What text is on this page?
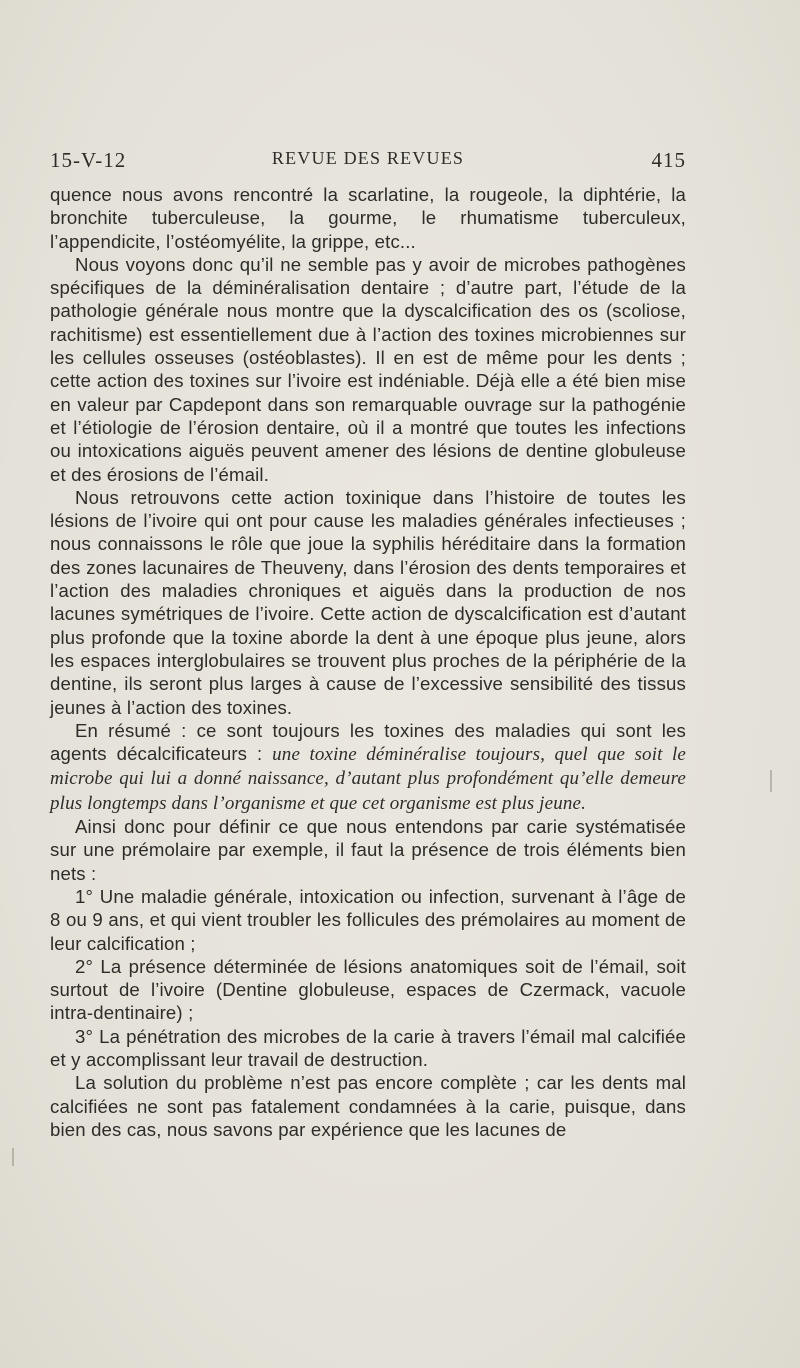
15-V-12	REVUE DES REVUES	415

quence nous avons rencontré la scarlatine, la rougeole, la diphtérie, la bronchite tuberculeuse, la gourme, le rhumatisme tuberculeux, l’appendicite, l’ostéomyélite, la grippe, etc...

Nous voyons donc qu’il ne semble pas y avoir de microbes pathogènes spécifiques de la déminéralisation dentaire ; d’autre part, l’étude de la pathologie générale nous montre que la dyscalcification des os (scoliose, rachitisme) est essentiellement due à l’action des toxines microbiennes sur les cellules osseuses (ostéoblastes). Il en est de même pour les dents ; cette action des toxines sur l’ivoire est indéniable. Déjà elle a été bien mise en valeur par Capdepont dans son remarquable ouvrage sur la pathogénie et l’étiologie de l’érosion dentaire, où il a montré que toutes les infections ou intoxications aiguës peuvent amener des lésions de dentine globuleuse et des érosions de l’émail.

Nous retrouvons cette action toxinique dans l’histoire de toutes les lésions de l’ivoire qui ont pour cause les maladies générales infectieuses ; nous connaissons le rôle que joue la syphilis héréditaire dans la formation des zones lacunaires de Theuveny, dans l’érosion des dents temporaires et l’action des maladies chroniques et aiguës dans la production de nos lacunes symétriques de l’ivoire. Cette action de dyscalcification est d’autant plus profonde que la toxine aborde la dent à une époque plus jeune, alors les espaces interglobulaires se trouvent plus proches de la périphérie de la dentine, ils seront plus larges à cause de l’excessive sensibilité des tissus jeunes à l’action des toxines.

En résumé : ce sont toujours les toxines des maladies qui sont les agents décalcificateurs : une toxine déminéralise toujours, quel que soit le microbe qui lui a donné naissance, d’autant plus profondément qu’elle demeure plus longtemps dans l’organisme et que cet organisme est plus jeune.

Ainsi donc pour définir ce que nous entendons par carie systématisée sur une prémolaire par exemple, il faut la présence de trois éléments bien nets :

1° Une maladie générale, intoxication ou infection, survenant à l’âge de 8 ou 9 ans, et qui vient troubler les follicules des prémolaires au moment de leur calcification ;

2° La présence déterminée de lésions anatomiques soit de l’émail, soit surtout de l’ivoire (Dentine globuleuse, espaces de Czermack, vacuole intra-dentinaire) ;

3° La pénétration des microbes de la carie à travers l’émail mal calcifiée et y accomplissant leur travail de destruction.

La solution du problème n’est pas encore complète ; car les dents mal calcifiées ne sont pas fatalement condamnées à la carie, puisque, dans bien des cas, nous savons par expérience que les lacunes de
